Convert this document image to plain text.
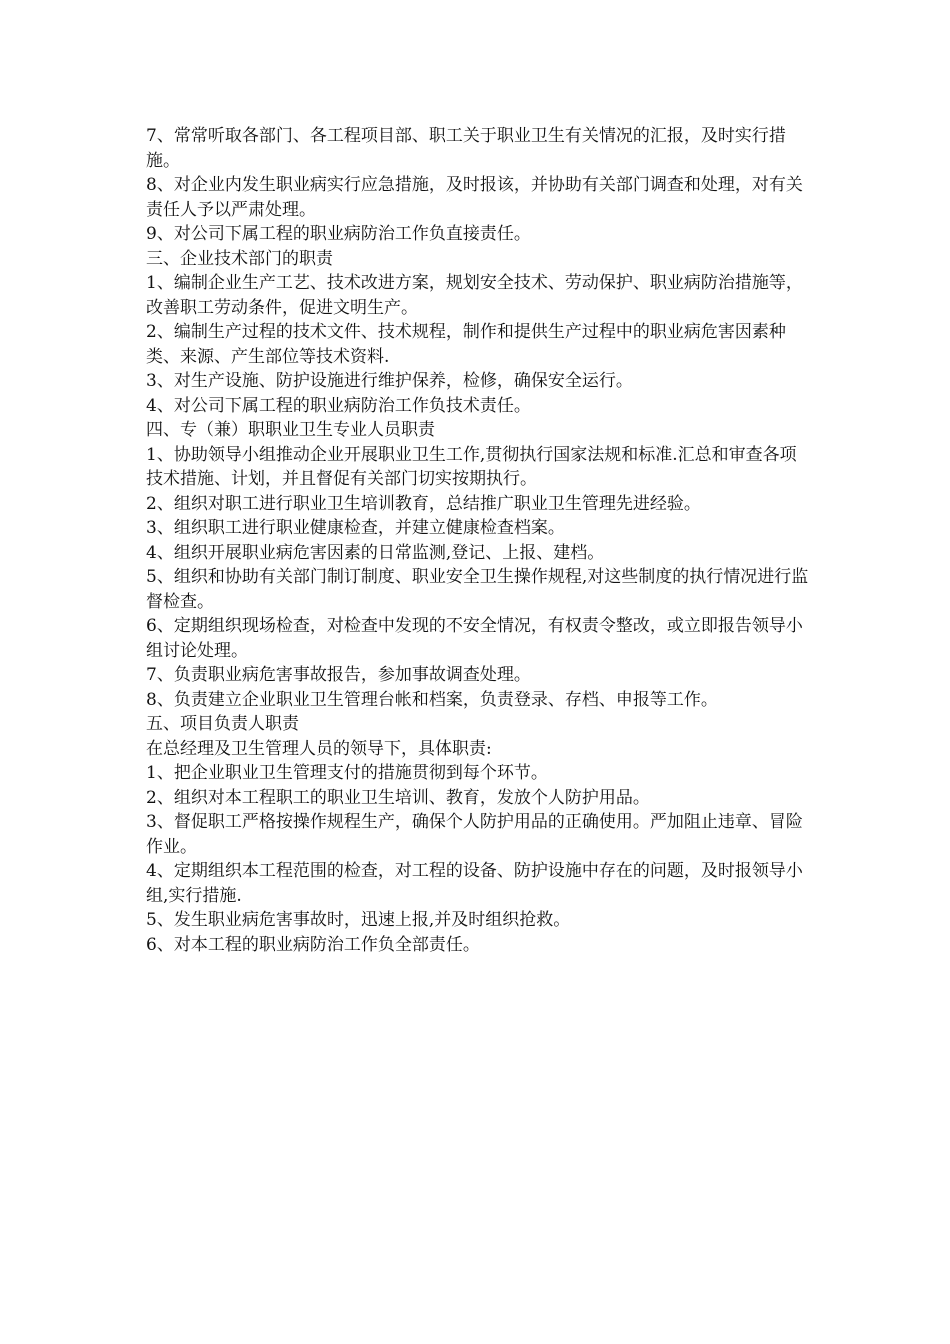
7、常常听取各部门、各工程项目部、职工关于职业卫生有关情况的汇报，及时实行措施。

8、对企业内发生职业病实行应急措施，及时报该，并协助有关部门调查和处理，对有关责任人予以严肃处理。

9、对公司下属工程的职业病防治工作负直接责任。

三、企业技术部门的职责

1、编制企业生产工艺、技术改进方案，规划安全技术、劳动保护、职业病防治措施等，改善职工劳动条件，促进文明生产。

2、编制生产过程的技术文件、技术规程，制作和提供生产过程中的职业病危害因素种类、来源、产生部位等技术资料.

3、对生产设施、防护设施进行维护保养，检修，确保安全运行。

4、对公司下属工程的职业病防治工作负技术责任。

四、专（兼）职职业卫生专业人员职责

1、协助领导小组推动企业开展职业卫生工作,贯彻执行国家法规和标准.汇总和审查各项技术措施、计划，并且督促有关部门切实按期执行。

2、组织对职工进行职业卫生培训教育，总结推广职业卫生管理先进经验。

3、组织职工进行职业健康检查，并建立健康检查档案。

4、组织开展职业病危害因素的日常监测,登记、上报、建档。

5、组织和协助有关部门制订制度、职业安全卫生操作规程,对这些制度的执行情况进行监督检查。

6、定期组织现场检查，对检查中发现的不安全情况，有权责令整改，或立即报告领导小组讨论处理。

7、负责职业病危害事故报告，参加事故调查处理。

8、负责建立企业职业卫生管理台帐和档案，负责登录、存档、申报等工作。

五、项目负责人职责

在总经理及卫生管理人员的领导下，具体职责:

1、把企业职业卫生管理支付的措施贯彻到每个环节。

2、组织对本工程职工的职业卫生培训、教育，发放个人防护用品。

3、督促职工严格按操作规程生产，确保个人防护用品的正确使用。严加阻止违章、冒险作业。

4、定期组织本工程范围的检查，对工程的设备、防护设施中存在的问题，及时报领导小组,实行措施.

5、发生职业病危害事故时，迅速上报,并及时组织抢救。

6、对本工程的职业病防治工作负全部责任。
